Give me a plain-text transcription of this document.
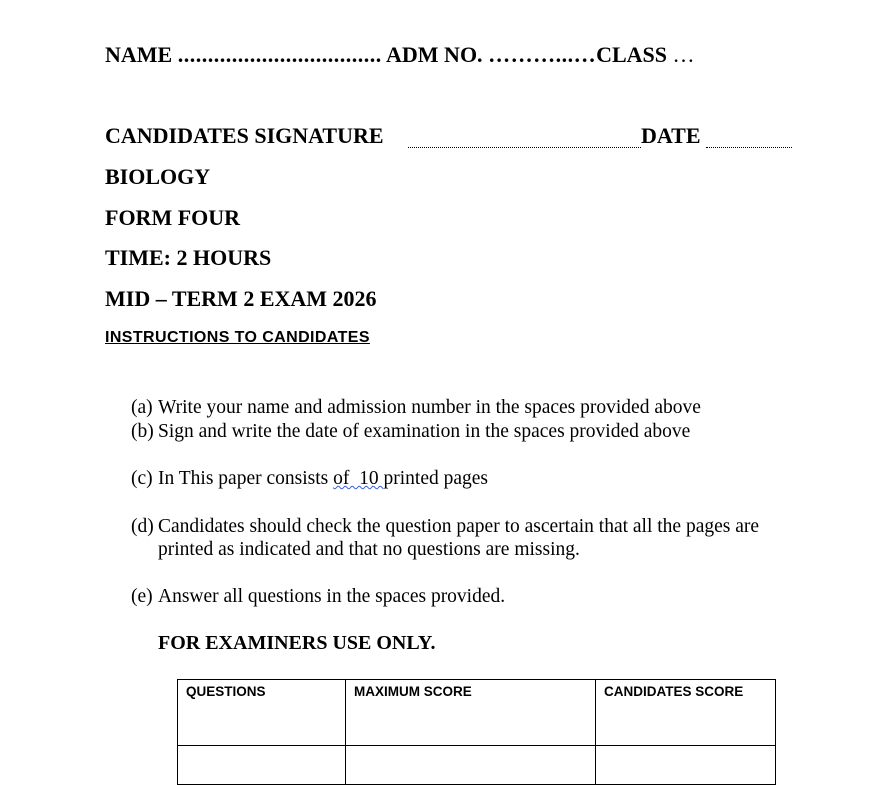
NAME .................................. ADM NO. ………...…CLASS …
CANDIDATES SIGNATURE	DATE
BIOLOGY
FORM FOUR
TIME: 2 HOURS
MID – TERM 2 EXAM 2026
INSTRUCTIONS TO CANDIDATES
(a) Write your name and admission number in the spaces provided above
(b) Sign and write the date of examination in the spaces provided above
(c) In This paper consists of  10 printed pages
(d) Candidates should check the question paper to ascertain that all the pages are printed as indicated and that no questions are missing.
(e) Answer all questions in the spaces provided.
FOR EXAMINERS USE ONLY.
QUESTIONS	MAXIMUM SCORE	CANDIDATES SCORE
